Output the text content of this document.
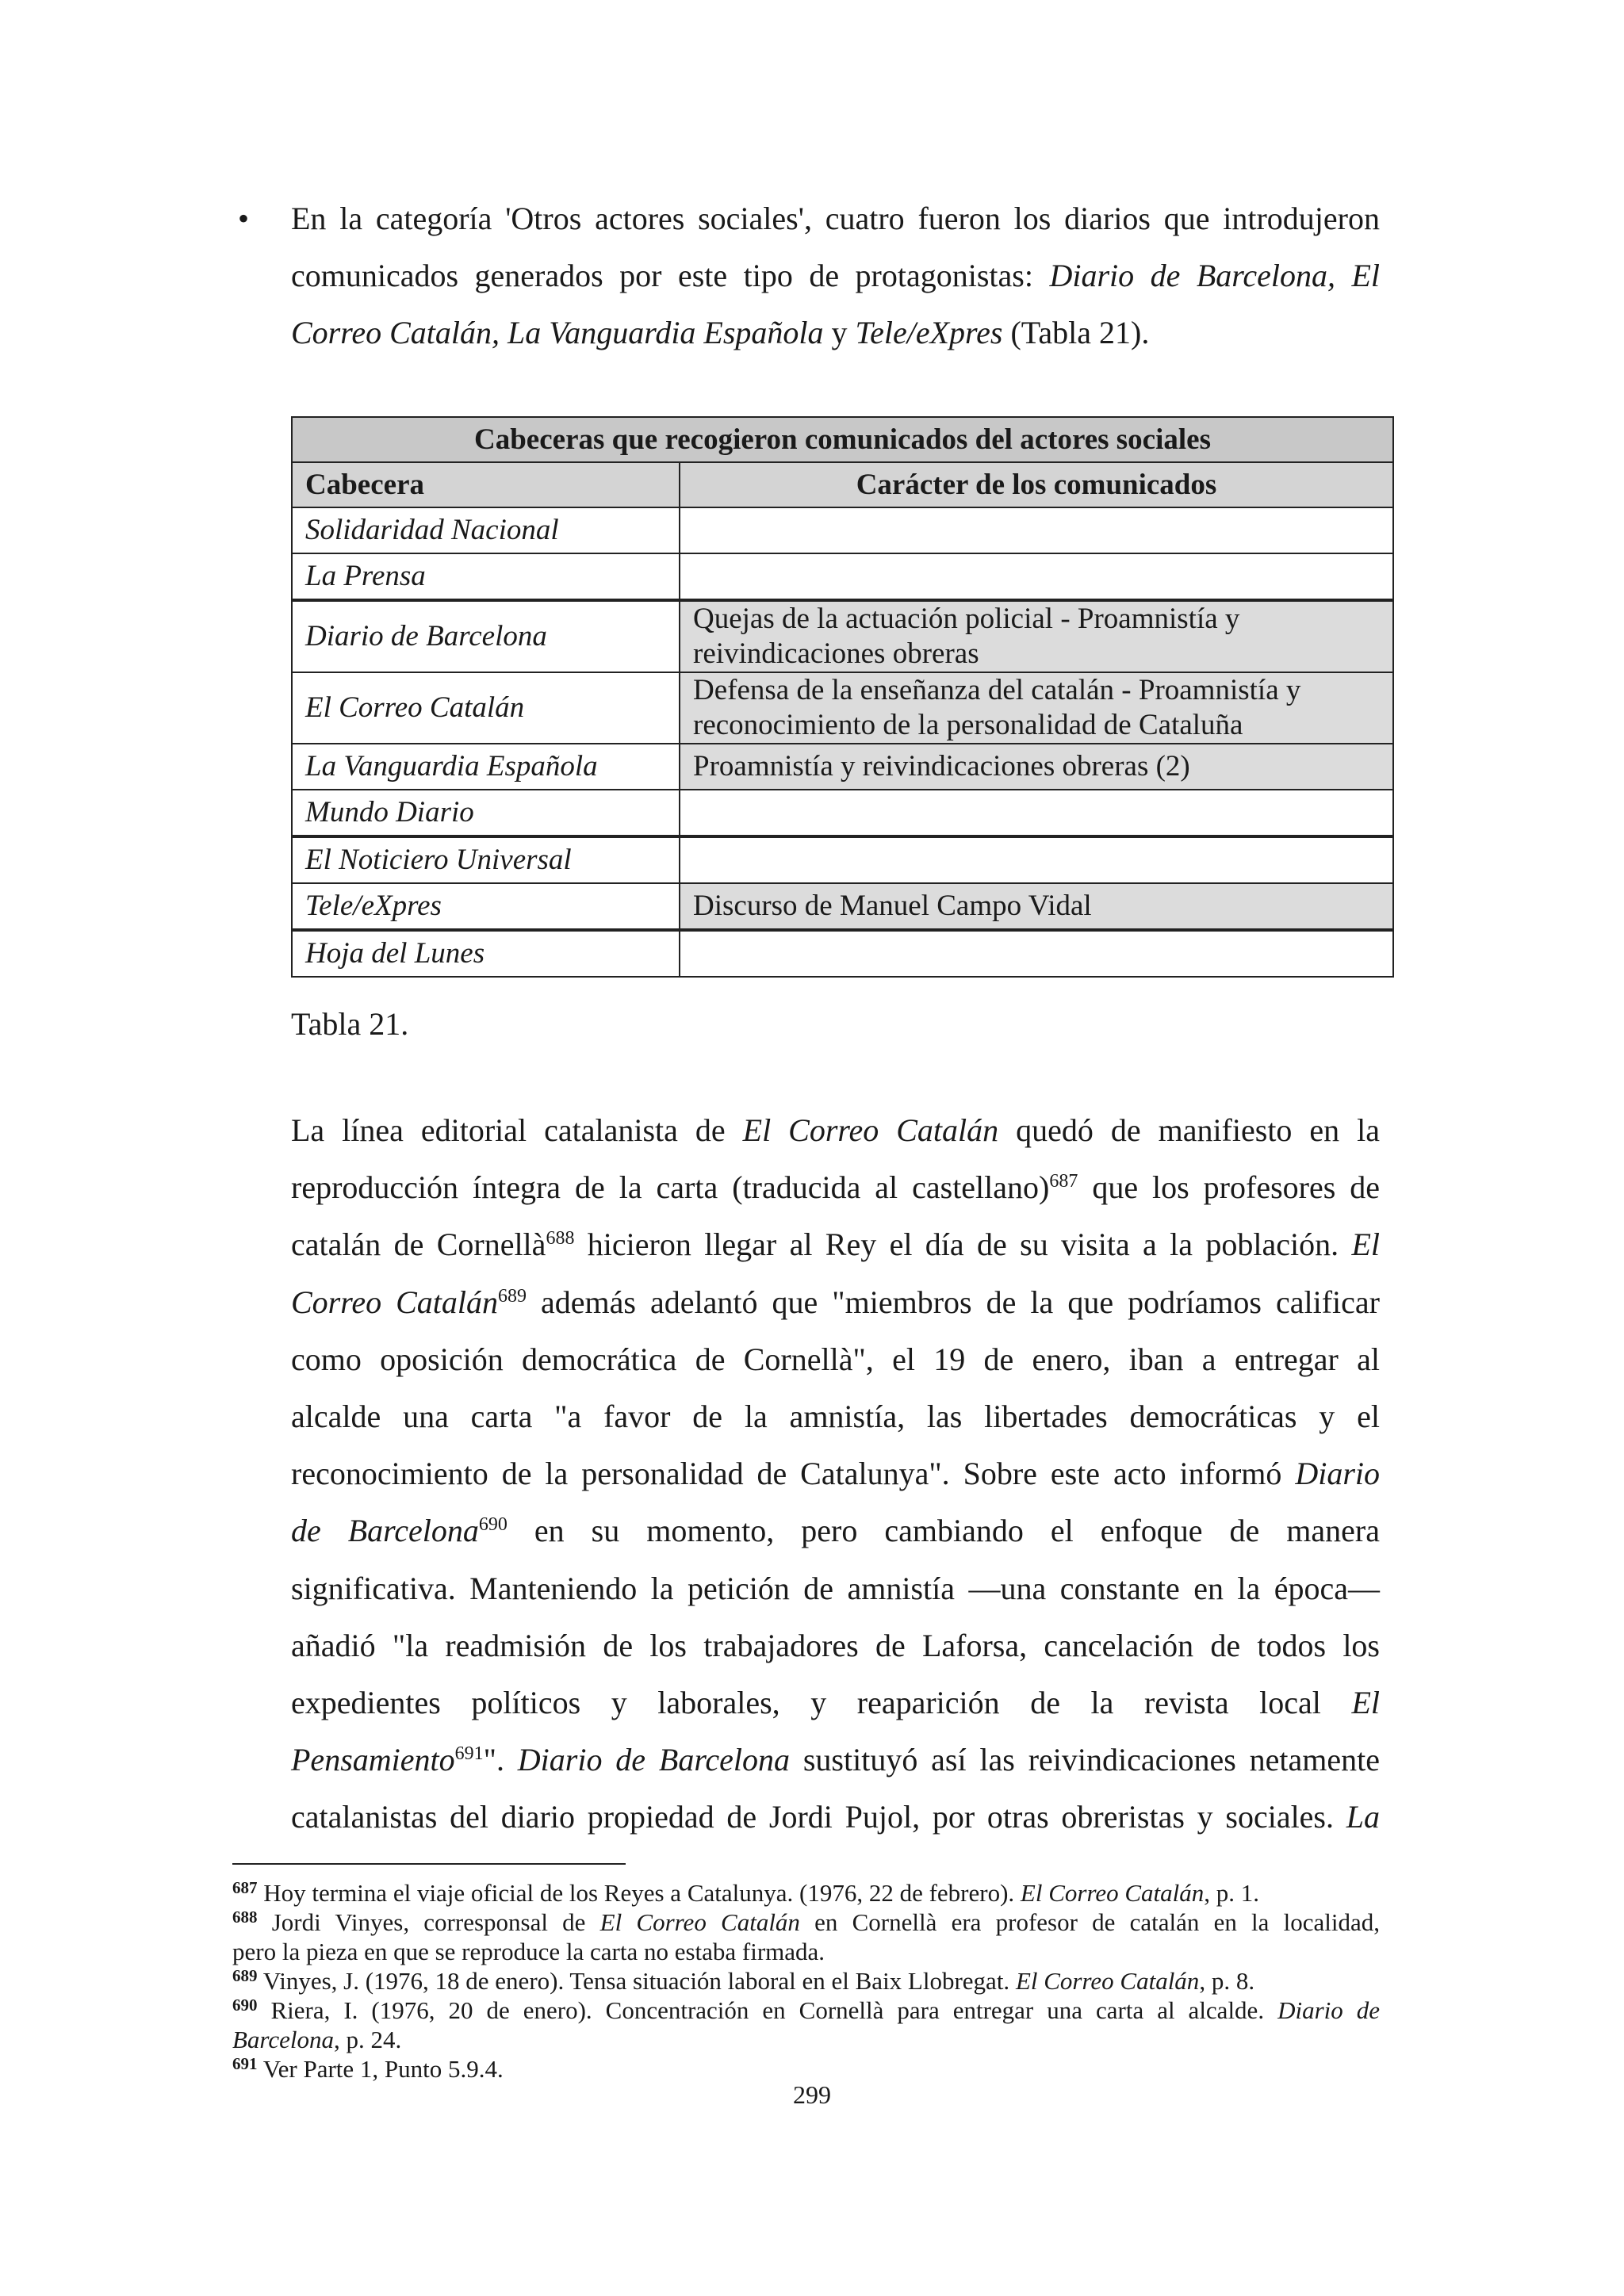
• En la categoría 'Otros actores sociales', cuatro fueron los diarios que introdujeron
comunicados generados por este tipo de protagonistas: Diario de Barcelona, El
Correo Catalán, La Vanguardia Española y Tele/eXpres (Tabla 21).
Cabeceras que recogieron comunicados del actores sociales	
Cabecera	Carácter de los comunicados
Solidaridad Nacional	
La Prensa	
Diario de Barcelona	Quejas de la actuación policial - Proamnistía y
reivindicaciones obreras
El Correo Catalán	Defensa de la enseñanza del catalán - Proamnistía y
reconocimiento de la personalidad de Cataluña
La Vanguardia Española	Proamnistía y reivindicaciones obreras (2)
Mundo Diario	
El Noticiero Universal	
Tele/eXpres	Discurso de Manuel Campo Vidal
Hoja del Lunes	
Tabla 21.
La línea editorial catalanista de El Correo Catalán quedó de manifiesto en la
reproducción íntegra de la carta (traducida al castellano)$^{687}$ que los profesores de
catalán de Cornellà$^{688}$ hicieron llegar al Rey el día de su visita a la población. El
Correo Catalán$^{689}$ además adelantó que "miembros de la que podríamos calificar
como oposición democrática de Cornellà", el 19 de enero, iban a entregar al
alcalde una carta "a favor de la amnistía, las libertades democráticas y el
reconocimiento de la personalidad de Catalunya". Sobre este acto informó Diario
de Barcelona$^{690}$ en su momento, pero cambiando el enfoque de manera
significativa. Manteniendo la petición de amnistía —una constante en la época—
añadió "la readmisión de los trabajadores de Laforsa, cancelación de todos los
expedientes políticos y laborales, y reaparición de la revista local El
Pensamiento$^{691}$". Diario de Barcelona sustituyó así las reivindicaciones netamente
catalanistas del diario propiedad de Jordi Pujol, por otras obreristas y sociales. La
$^{687}$ Hoy termina el viaje oficial de los Reyes a Catalunya. (1976, 22 de febrero). El Correo Catalán, p. 1.
$^{688}$ Jordi Vinyes, corresponsal de El Correo Catalán en Cornellà era profesor de catalán en la localidad,
pero la pieza en que se reproduce la carta no estaba firmada.
$^{689}$ Vinyes, J. (1976, 18 de enero). Tensa situación laboral en el Baix Llobregat. El Correo Catalán, p. 8.
$^{690}$ Riera, I. (1976, 20 de enero). Concentración en Cornellà para entregar una carta al alcalde. Diario de
Barcelona, p. 24.
$^{691}$ Ver Parte 1, Punto 5.9.4.
299
